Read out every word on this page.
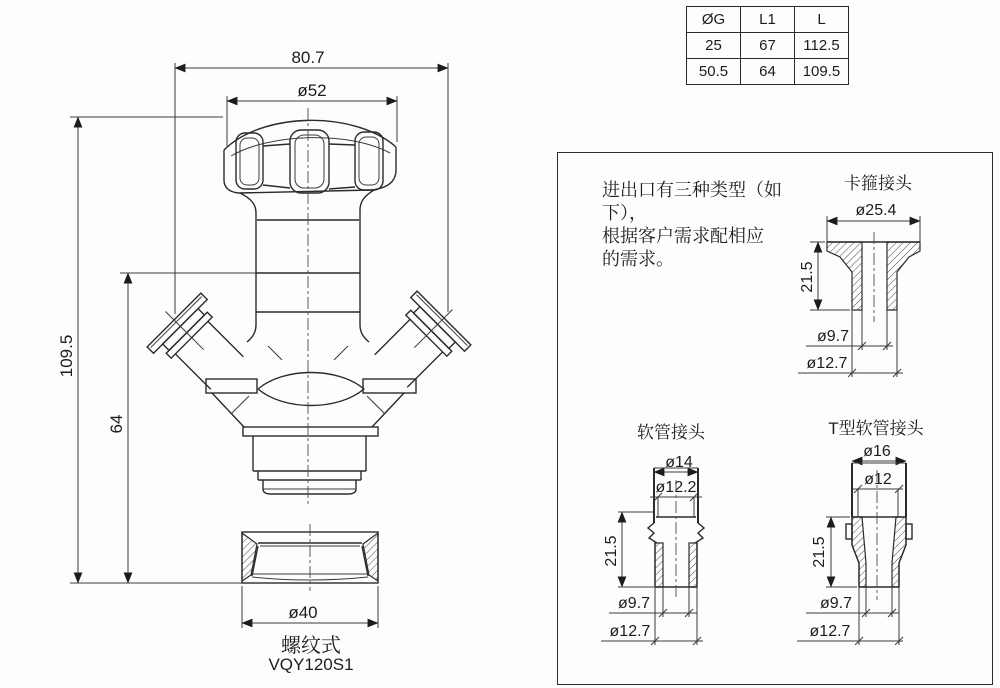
ØG	L1	L
25	67	112.5
50.5	64	109.5
进出口有三种类型（如
下），
根据客户需求配相应
的需求。
80.7
ø52
109.5
64
ø40
螺纹式
VQY120S1
卡箍接头
ø25.4
21.5
ø9.7
ø12.7
软管接头
ø14
ø12.2
21.5
ø9.7
ø12.7
T型软管接头
ø16
ø12
21.5
ø9.7
ø12.7
